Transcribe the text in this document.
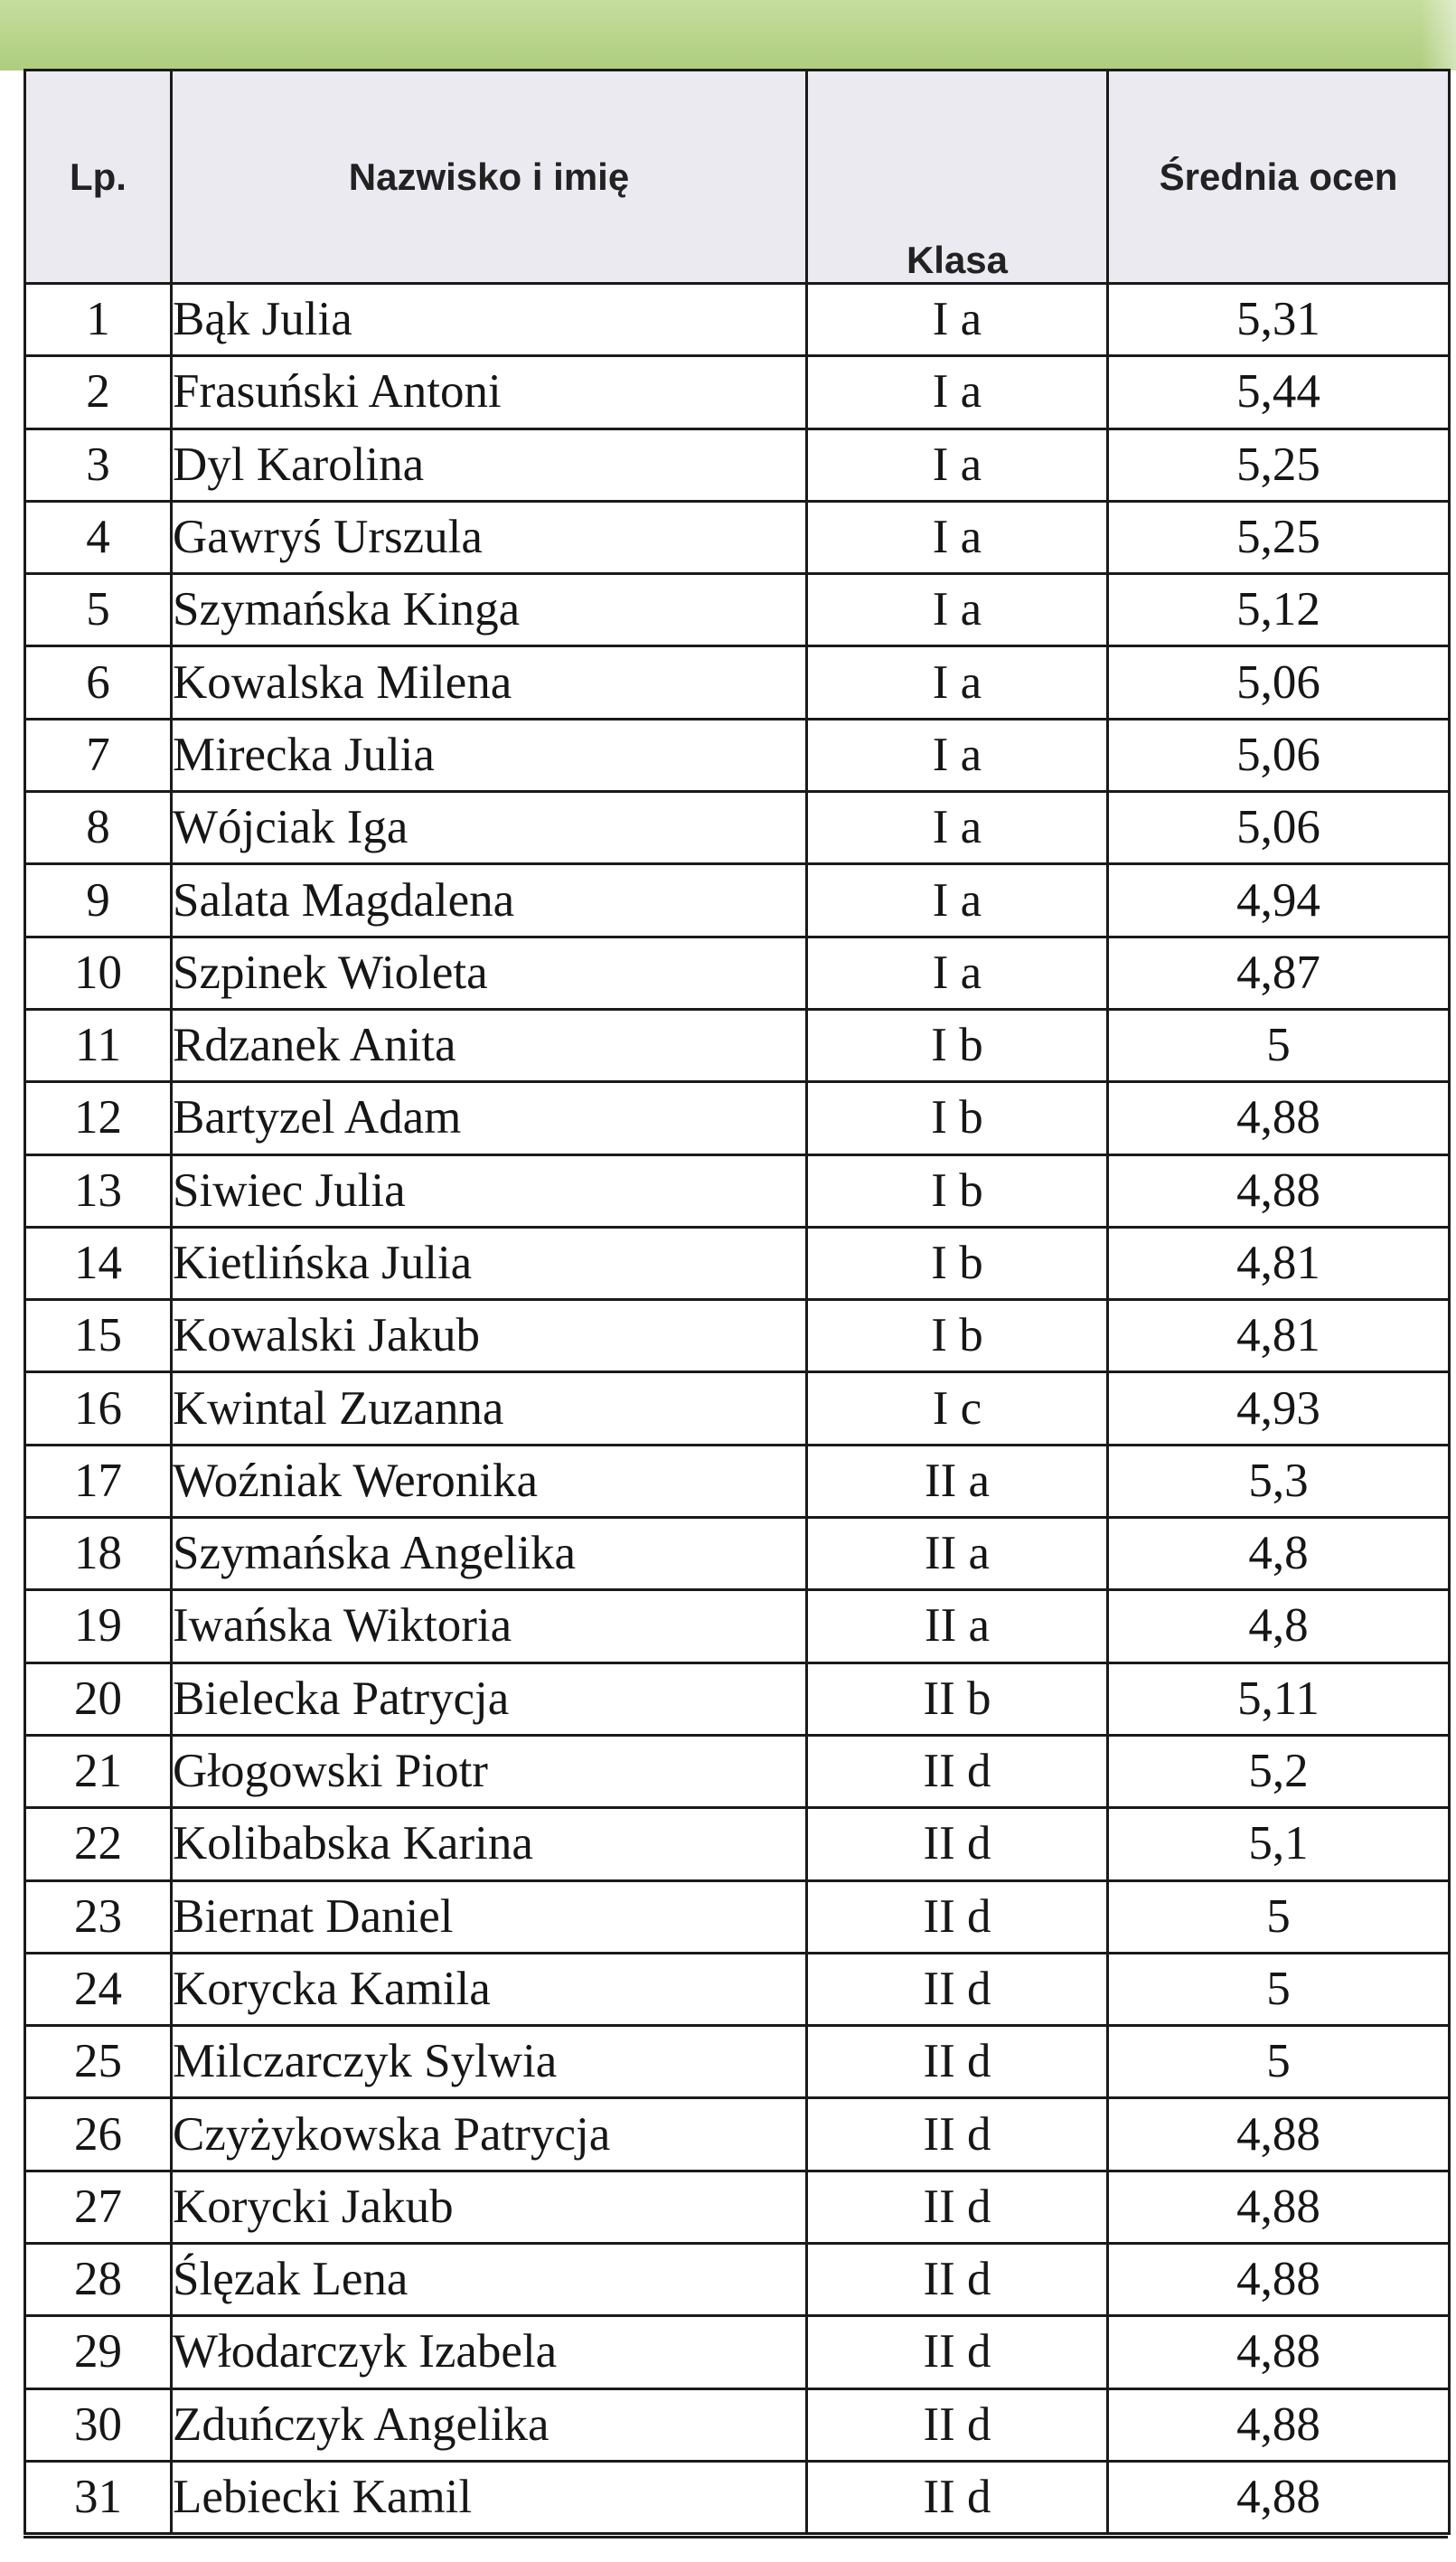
Lp.	Nazwisko i imię	Klasa	Średnia ocen
1	Bąk Julia	I a	5,31
2	Frasuński Antoni	I a	5,44
3	Dyl Karolina	I a	5,25
4	Gawryś Urszula	I a	5,25
5	Szymańska Kinga	I a	5,12
6	Kowalska Milena	I a	5,06
7	Mirecka Julia	I a	5,06
8	Wójciak Iga	I a	5,06
9	Salata Magdalena	I a	4,94
10	Szpinek Wioleta	I a	4,87
11	Rdzanek Anita	I b	5
12	Bartyzel Adam	I b	4,88
13	Siwiec Julia	I b	4,88
14	Kietlińska Julia	I b	4,81
15	Kowalski Jakub	I b	4,81
16	Kwintal Zuzanna	I c	4,93
17	Woźniak Weronika	II a	5,3
18	Szymańska Angelika	II a	4,8
19	Iwańska Wiktoria	II a	4,8
20	Bielecka Patrycja	II b	5,11
21	Głogowski Piotr	II d	5,2
22	Kolibabska Karina	II d	5,1
23	Biernat Daniel	II d	5
24	Korycka Kamila	II d	5
25	Milczarczyk Sylwia	II d	5
26	Czyżykowska Patrycja	II d	4,88
27	Korycki Jakub	II d	4,88
28	Ślęzak Lena	II d	4,88
29	Włodarczyk Izabela	II d	4,88
30	Zduńczyk Angelika	II d	4,88
31	Lebiecki Kamil	II d	4,88
